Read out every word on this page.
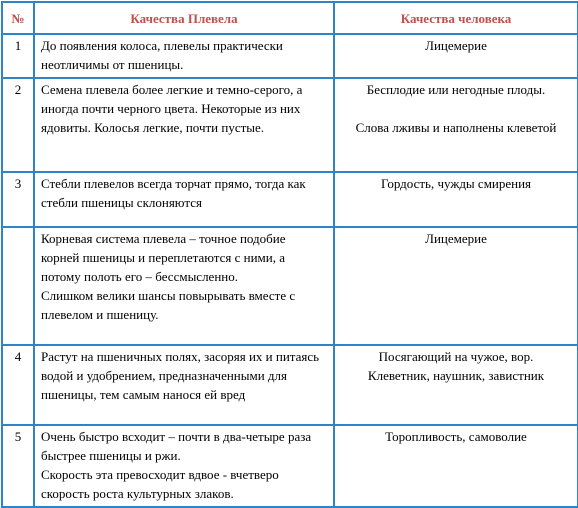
№	Качества Плевела	Качества человека
1	До появления колоса, плевелы практически неотличимы от пшеницы.	Лицемерие

2	Семена плевела более легкие и темно-серого, а иногда почти черного цвета. Некоторые из них ядовиты. Колосья легкие, почти пустые.	Бесплодие или негодные плоды.
Слова лживы и наполнены клеветой

3	Стебли плевелов всегда торчат прямо, тогда как стебли пшеницы склоняются	Гордость, чужды смирения

	Корневая система плевела – точное подобие корней пшеницы и переплетаются с ними, а потому полоть его – бессмысленно.
Слишком велики шансы повырывать вместе с плевелом и пшеницу.	Лицемерие

4	Растут на пшеничных полях, засоряя их и питаясь водой и удобрением, предназначенными для пшеницы, тем самым нанося ей вред	Посягающий на чужое, вор.
Клеветник, наушник, завистник

5	Очень быстро всходит – почти в два-четыре раза быстрее пшеницы и ржи.
Скорость эта превосходит вдвое - вчетверо скорость роста культурных злаков.	Торопливость, самоволие
